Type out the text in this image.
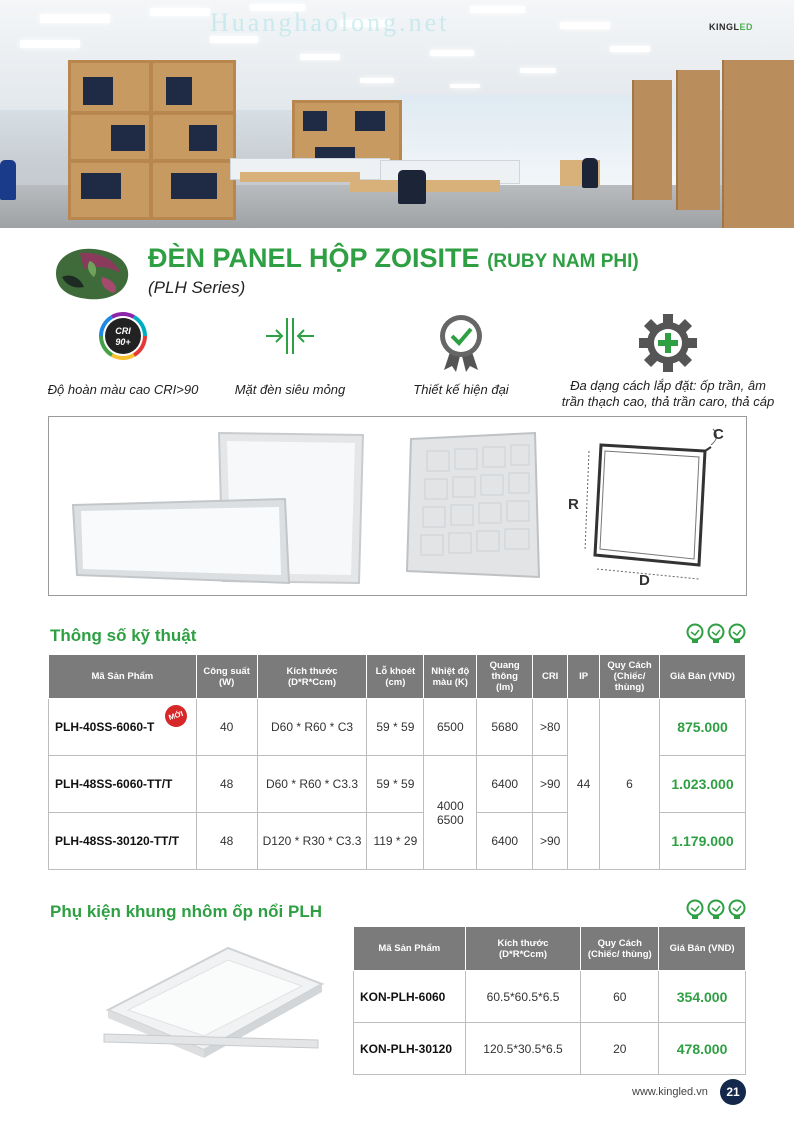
Huanghaolong.net	KINGLED
ĐÈN PANEL HỘP ZOISITE (RUBY NAM PHI)
(PLH Series)
CRI
90+
Độ hoàn màu cao CRI>90	Mặt đèn siêu mỏng	Thiết kế hiện đại	Đa dạng cách lắp đặt: ốp trần, âm
trần thạch cao, thả trần caro, thả cáp
R
D
C
Thông số kỹ thuật
Mã Sản Phẩm	Công suất
(W)	Kích thước
(D*R*Ccm)	Lỗ khoét
(cm)	Nhiệt độ
màu (K)	Quang
thông
(lm)	CRI	IP	Quy Cách
(Chiếc/
thùng)	Giá Bán (VND)
PLH-40SS-6060-T
MỚI	40	D60 * R60 * C3	59 * 59	6500	5680	>80	44	6	875.000
PLH-48SS-6060-TT/T	48	D60 * R60 * C3.3	59 * 59	4000
6500	6400	>90			1.023.000
PLH-48SS-30120-TT/T	48	D120 * R30 * C3.3	119 * 29		6400	>90			1.179.000
Phụ kiện khung nhôm ốp nổi PLH
Mã Sản Phẩm	Kích thước
(D*R*Ccm)	Quy Cách
(Chiếc/ thùng)	Giá Bán (VND)
KON-PLH-6060	60.5*60.5*6.5	60	354.000
KON-PLH-30120	120.5*30.5*6.5	20	478.000
www.kingled.vn	21
